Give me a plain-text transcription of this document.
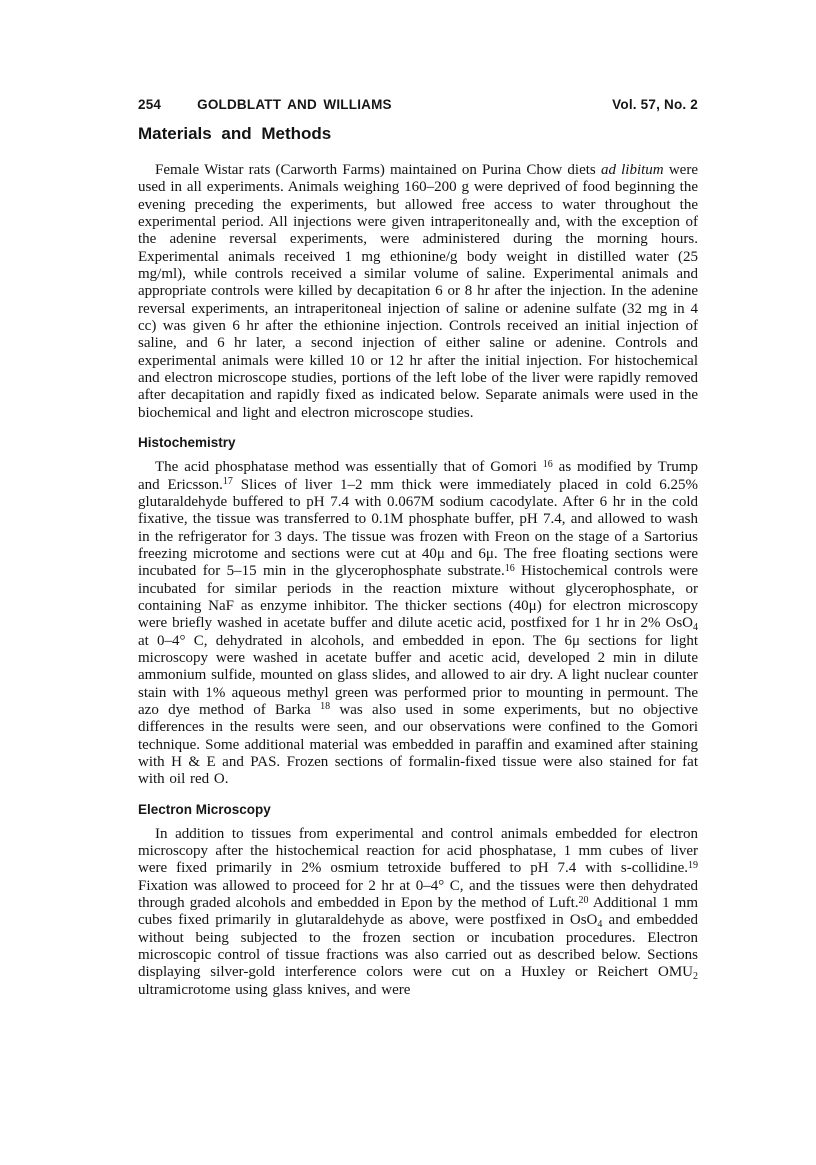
254	GOLDBLATT AND WILLIAMS	Vol. 57, No. 2
Materials and Methods

Female Wistar rats (Carworth Farms) maintained on Purina Chow diets ad libitum were used in all experiments. Animals weighing 160–200 g were deprived of food beginning the evening preceding the experiments, but allowed free access to water throughout the experimental period. All injections were given intraperitoneally and, with the exception of the adenine reversal experiments, were administered during the morning hours. Experimental animals received 1 mg ethionine/g body weight in distilled water (25 mg/ml), while controls received a similar volume of saline. Experimental animals and appropriate controls were killed by decapitation 6 or 8 hr after the injection. In the adenine reversal experiments, an intraperitoneal injection of saline or adenine sulfate (32 mg in 4 cc) was given 6 hr after the ethionine injection. Controls received an initial injection of saline, and 6 hr later, a second injection of either saline or adenine. Controls and experimental animals were killed 10 or 12 hr after the initial injection. For histochemical and electron microscope studies, portions of the left lobe of the liver were rapidly removed after decapitation and rapidly fixed as indicated below. Separate animals were used in the biochemical and light and electron microscope studies.

Histochemistry

The acid phosphatase method was essentially that of Gomori $^{16}$ as modified by Trump and Ericsson.$^{17}$ Slices of liver 1–2 mm thick were immediately placed in cold 6.25% glutaraldehyde buffered to pH 7.4 with 0.067M sodium cacodylate. After 6 hr in the cold fixative, the tissue was transferred to 0.1M phosphate buffer, pH 7.4, and allowed to wash in the refrigerator for 3 days. The tissue was frozen with Freon on the stage of a Sartorius freezing microtome and sections were cut at 40μ and 6μ. The free floating sections were incubated for 5–15 min in the glycerophosphate substrate.$^{16}$ Histochemical controls were incubated for similar periods in the reaction mixture without glycerophosphate, or containing NaF as enzyme inhibitor. The thicker sections (40μ) for electron microscopy were briefly washed in acetate buffer and dilute acetic acid, postfixed for 1 hr in 2% OsO$_4$ at 0–4° C, dehydrated in alcohols, and embedded in epon. The 6μ sections for light microscopy were washed in acetate buffer and acetic acid, developed 2 min in dilute ammonium sulfide, mounted on glass slides, and allowed to air dry. A light nuclear counter stain with 1% aqueous methyl green was performed prior to mounting in permount. The azo dye method of Barka $^{18}$ was also used in some experiments, but no objective differences in the results were seen, and our observations were confined to the Gomori technique. Some additional material was embedded in paraffin and examined after staining with H & E and PAS. Frozen sections of formalin-fixed tissue were also stained for fat with oil red O.

Electron Microscopy

In addition to tissues from experimental and control animals embedded for electron microscopy after the histochemical reaction for acid phosphatase, 1 mm cubes of liver were fixed primarily in 2% osmium tetroxide buffered to pH 7.4 with s-collidine.$^{19}$ Fixation was allowed to proceed for 2 hr at 0–4° C, and the tissues were then dehydrated through graded alcohols and embedded in Epon by the method of Luft.$^{20}$ Additional 1 mm cubes fixed primarily in glutaraldehyde as above, were postfixed in OsO$_4$ and embedded without being subjected to the frozen section or incubation procedures. Electron microscopic control of tissue fractions was also carried out as described below. Sections displaying silver-gold interference colors were cut on a Huxley or Reichert $OMU_2$ ultramicrotome using glass knives, and were
